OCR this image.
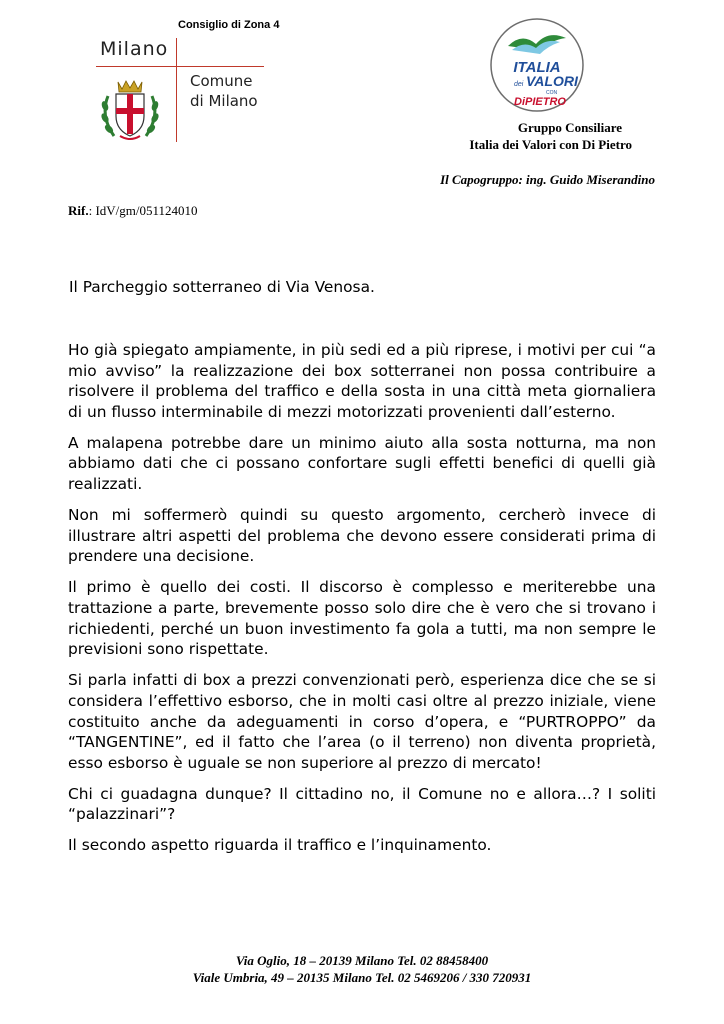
Consiglio di Zona 4
Milano
Comune
di Milano
ITALIA
dei VALORI
CON
DiPIETRO
Gruppo Consiliare
Italia dei Valori con Di Pietro
Il Capogruppo: ing. Guido Miserandino
Rif.: IdV/gm/051124010
Il Parcheggio sotterraneo di Via Venosa.

Ho già spiegato ampiamente, in più sedi ed a più riprese, i motivi per cui “a mio avviso” la realizzazione dei box sotterranei non possa contribuire a risolvere il problema del traffico e della sosta in una città meta giornaliera di un flusso interminabile di mezzi motorizzati provenienti dall’esterno.

A malapena potrebbe dare un minimo aiuto alla sosta notturna, ma non abbiamo dati che ci possano confortare sugli effetti benefici di quelli già realizzati.

Non mi soffermerò quindi su questo argomento, cercherò invece di illustrare altri aspetti del problema che devono essere considerati prima di prendere una decisione.

Il primo è quello dei costi. Il discorso è complesso e meriterebbe una trattazione a parte, brevemente posso solo dire che è vero che si trovano i richiedenti, perché un buon investimento fa gola a tutti, ma non sempre le previsioni sono rispettate.

Si parla infatti di box a prezzi convenzionati però, esperienza dice che se si considera l’effettivo esborso, che in molti casi oltre al prezzo iniziale, viene costituito anche da adeguamenti in corso d’opera, e “PURTROPPO” da “TANGENTINE”, ed il fatto che l’area (o il terreno) non diventa proprietà, esso esborso è uguale se non superiore al prezzo di mercato!

Chi ci guadagna dunque? Il cittadino no, il Comune no e allora…? I soliti “palazzinari”?

Il secondo aspetto riguarda il traffico e l’inquinamento.

Via Oglio, 18 – 20139 Milano Tel. 02 88458400
Viale Umbria, 49 – 20135 Milano Tel. 02 5469206 / 330 720931
